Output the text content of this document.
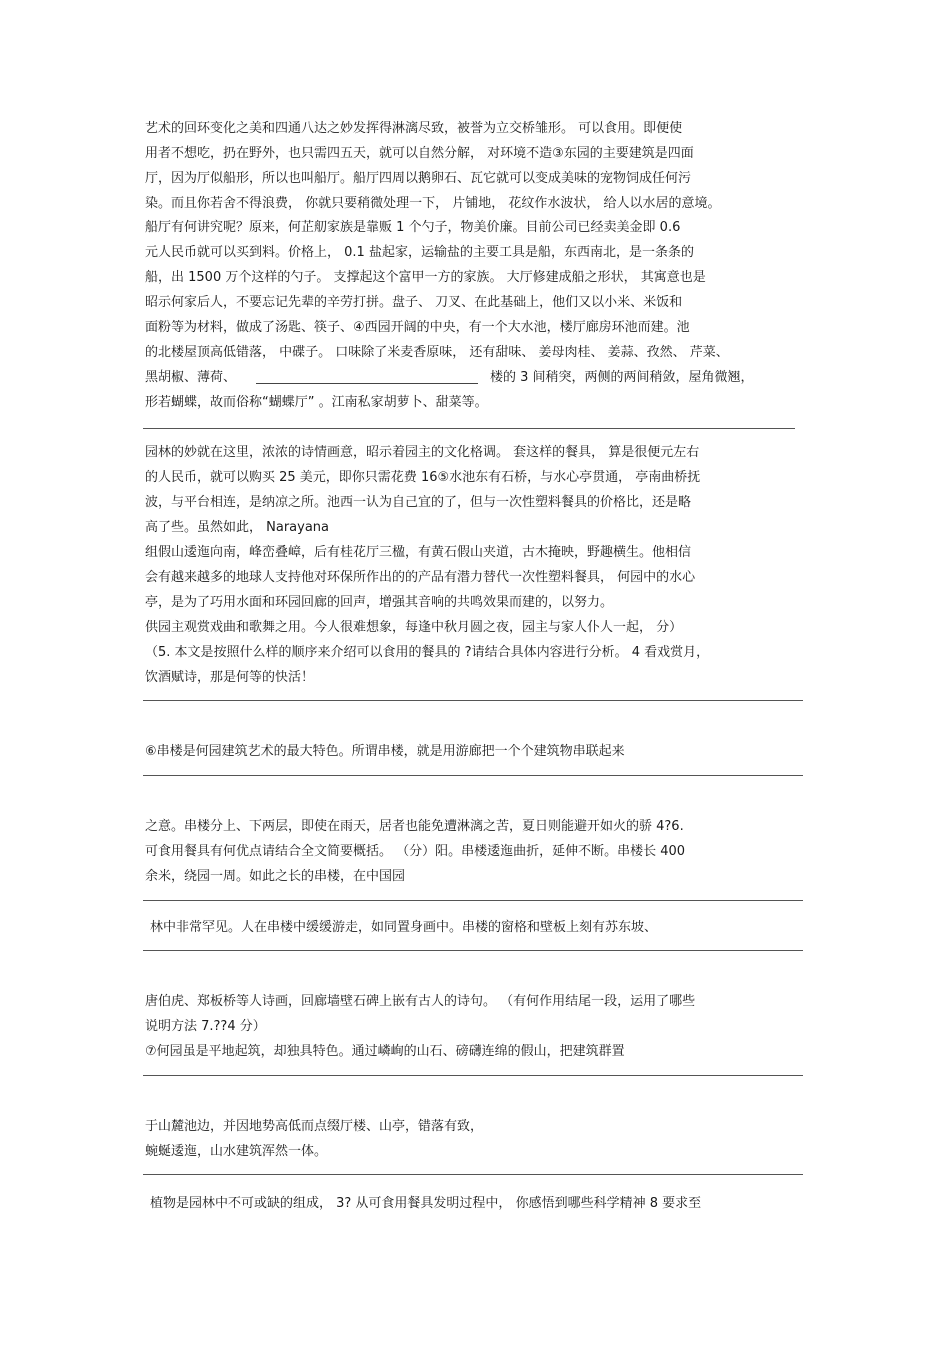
艺术的回环变化之美和四通八达之妙发挥得淋漓尽致，被誉为立交桥雏形。 可以食用。即便使
用者不想吃，扔在野外，也只需四五天，就可以自然分解， 对环境不造③东园的主要建筑是四面
厅，因为厅似船形，所以也叫船厅。船厅四周以鹅卵石、瓦它就可以变成美味的宠物饲成任何污
染。而且你若舍不得浪费， 你就只要稍微处理一下， 片铺地， 花纹作水波状， 给人以水居的意境。
船厅有何讲究呢？原来，何芷舠家族是靠贩 1 个勺子，物美价廉。目前公司已经卖美金即 0.6
元人民币就可以买到料。价格上， 0.1 盐起家，运输盐的主要工具是船，东西南北，是一条条的
船，出 1500 万个这样的勺子。 支撑起这个富甲一方的家族。 大厅修建成船之形状， 其寓意也是
昭示何家后人，不要忘记先辈的辛劳打拼。盘子、 刀叉、在此基础上，他们又以小米、米饭和
面粉等为材料，做成了汤匙、筷子、④西园开阔的中央，有一个大水池，楼厅廊房环池而建。池
的北楼屋顶高低错落， 中碟子。 口味除了米麦香原味， 还有甜味、 姜母肉桂、 姜蒜、孜然、 芹菜、
黑胡椒、薄荷、	楼的 3 间稍突，两侧的两间稍敛，屋角微翘，
形若蝴蝶，故而俗称“蝴蝶厅” 。江南私家胡萝卜、甜菜等。
园林的妙就在这里，浓浓的诗情画意，昭示着园主的文化格调。 套这样的餐具， 算是很便元左右
的人民币，就可以购买 25 美元，即你只需花费 16⑤水池东有石桥，与水心亭贯通， 亭南曲桥抚
波，与平台相连，是纳凉之所。池西一认为自己宜的了，但与一次性塑料餐具的价格比，还是略
高了些。虽然如此， Narayana
组假山逶迤向南，峰峦叠嶂，后有桂花厅三楹，有黄石假山夹道，古木掩映，野趣横生。他相信
会有越来越多的地球人支持他对环保所作出的的产品有潜力替代一次性塑料餐具， 何园中的水心
亭，是为了巧用水面和环园回廊的回声，增强其音响的共鸣效果而建的，以努力。
供园主观赏戏曲和歌舞之用。今人很难想象，每逢中秋月圆之夜，园主与家人仆人一起， 分）
（5. 本文是按照什么样的顺序来介绍可以食用的餐具的 ?请结合具体内容进行分析。 4 看戏赏月，
饮酒赋诗，那是何等的快活！
⑥串楼是何园建筑艺术的最大特色。所谓串楼，就是用游廊把一个个建筑物串联起来
之意。串楼分上、下两层，即使在雨天，居者也能免遭淋漓之苦，夏日则能避开如火的骄 4?6.
可食用餐具有何优点请结合全文简要概括。 （分）阳。串楼逶迤曲折，延伸不断。串楼长 400
余米，绕园一周。如此之长的串楼，在中国园
林中非常罕见。人在串楼中缓缓游走，如同置身画中。串楼的窗格和壁板上刻有苏东坡、
唐伯虎、郑板桥等人诗画，回廊墙壁石碑上嵌有古人的诗句。 （有何作用结尾一段，运用了哪些
说明方法 7.??4 分）
⑦何园虽是平地起筑，却独具特色。通过嶙峋的山石、磅礴连绵的假山，把建筑群置
于山麓池边，并因地势高低而点缀厅楼、山亭，错落有致，
蜿蜒逶迤，山水建筑浑然一体。
植物是园林中不可或缺的组成， 3? 从可食用餐具发明过程中， 你感悟到哪些科学精神 8 要求至
